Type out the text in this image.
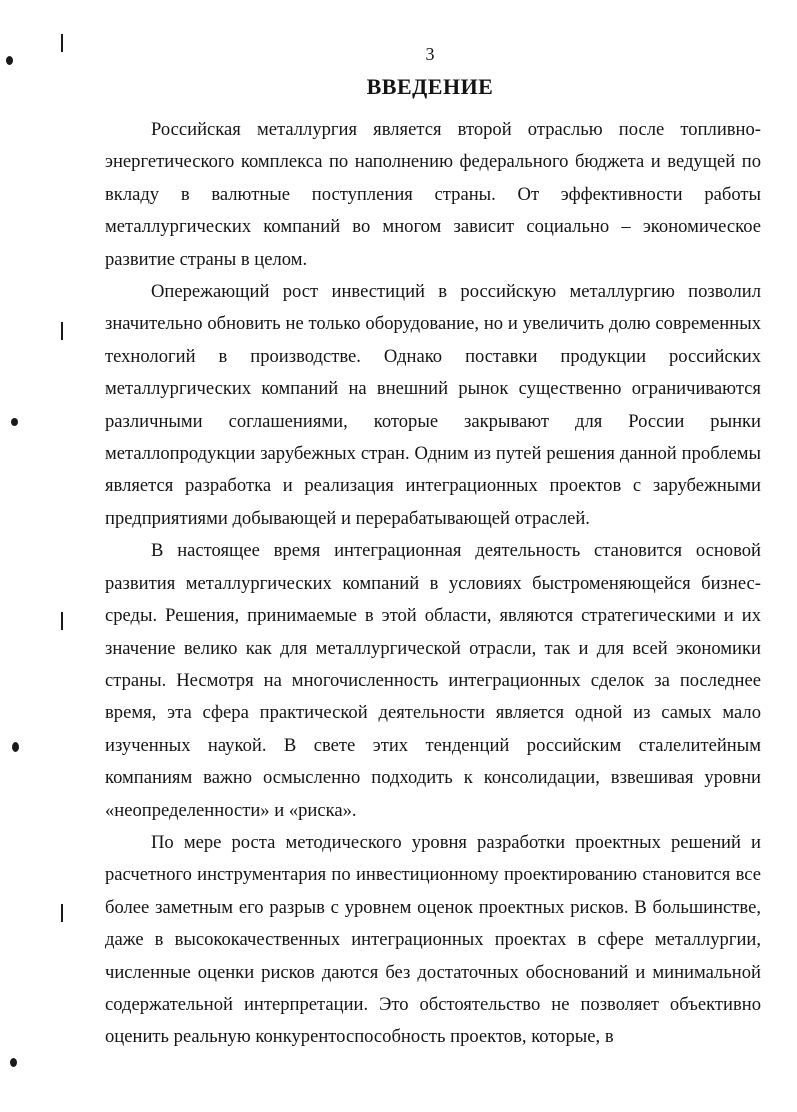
3
ВВЕДЕНИЕ

Российская металлургия является второй отраслью после топливно-энергетического комплекса по наполнению федерального бюджета и ведущей по вкладу в валютные поступления страны. От эффективности работы металлургических компаний во многом зависит социально – экономическое развитие страны в целом.

Опережающий рост инвестиций в российскую металлургию позволил значительно обновить не только оборудование, но и увеличить долю современных технологий в производстве. Однако поставки продукции российских металлургических компаний на внешний рынок существенно ограничиваются различными соглашениями, которые закрывают для России рынки металлопродукции зарубежных стран. Одним из путей решения данной проблемы является разработка и реализация интеграционных проектов с зарубежными предприятиями добывающей и перерабатывающей отраслей.

В настоящее время интеграционная деятельность становится основой развития металлургических компаний в условиях быстроменяющейся бизнес-среды. Решения, принимаемые в этой области, являются стратегическими и их значение велико как для металлургической отрасли, так и для всей экономики страны. Несмотря на многочисленность интеграционных сделок за последнее время, эта сфера практической деятельности является одной из самых мало изученных наукой. В свете этих тенденций российским сталелитейным компаниям важно осмысленно подходить к консолидации, взвешивая уровни «неопределенности» и «риска».

По мере роста методического уровня разработки проектных решений и расчетного инструментария по инвестиционному проектированию становится все более заметным его разрыв с уровнем оценок проектных рисков. В большинстве, даже в высококачественных интеграционных проектах в сфере металлургии, численные оценки рисков даются без достаточных обоснований и минимальной содержательной интерпретации. Это обстоятельство не позволяет объективно оценить реальную конкурентоспособность проектов, которые, в
